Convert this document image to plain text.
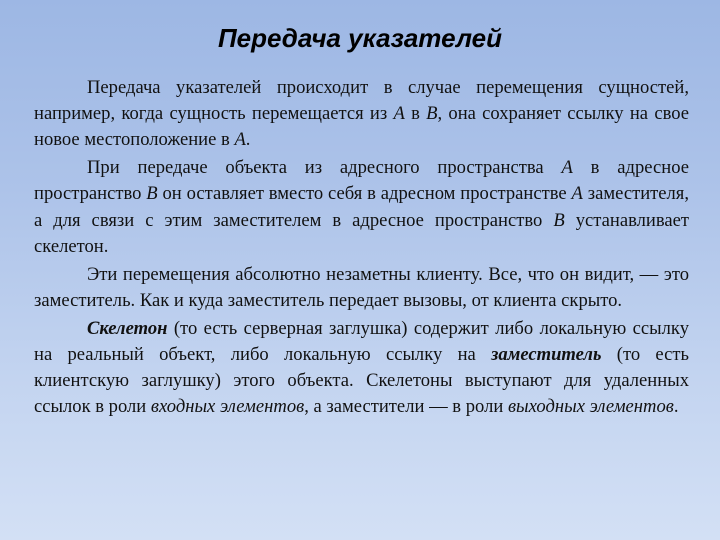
Передача указателей

Передача указателей происходит в случае перемещения сущностей, например, когда сущность перемещается из A в B, она сохраняет ссылку на свое новое местоположение в A.

При передаче объекта из адресного пространства A в адресное пространство B он оставляет вместо себя в адресном пространстве A заместителя, а для связи с этим заместителем в адресное пространство B устанавливает скелетон.

Эти перемещения абсолютно незаметны клиенту. Все, что он видит, — это заместитель. Как и куда заместитель передает вызовы, от клиента скрыто.

Скелетон (то есть серверная заглушка) содержит либо локальную ссылку на реальный объект, либо локальную ссылку на заместитель (то есть клиентскую заглушку) этого объекта. Скелетоны выступают для удаленных ссылок в роли входных элементов, а заместители — в роли выходных элементов.
